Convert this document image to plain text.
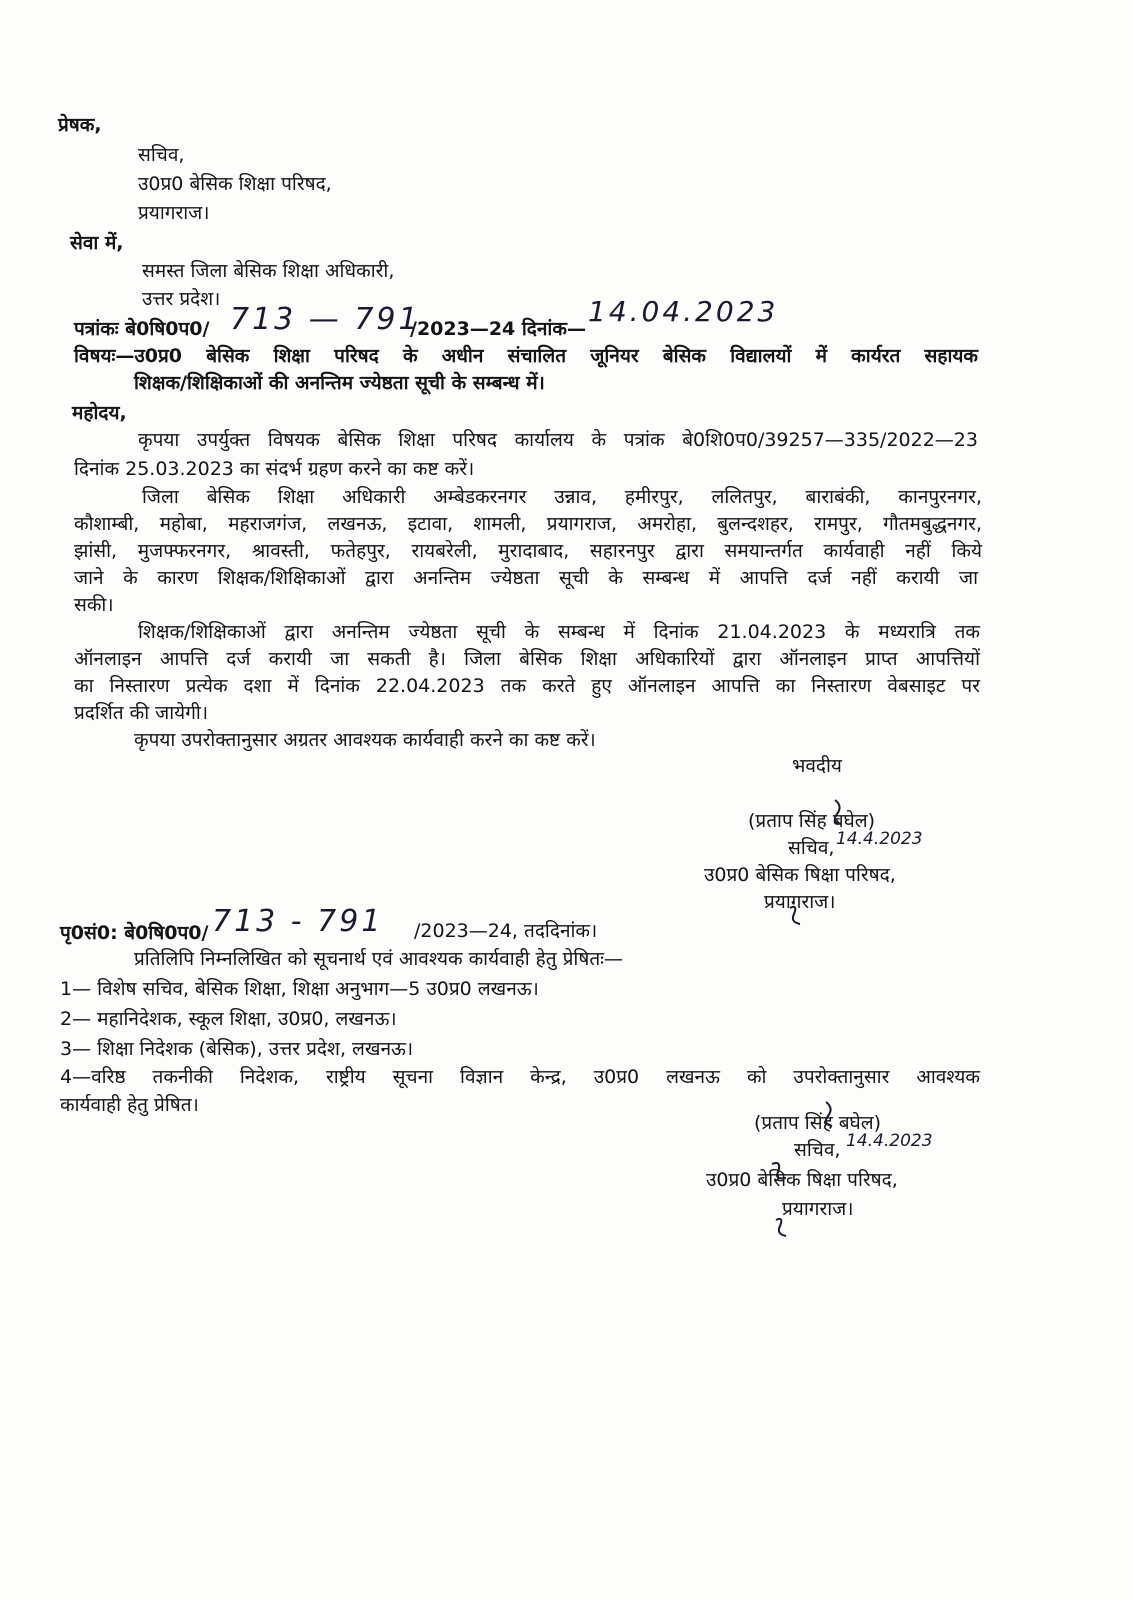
प्रेषक,
सचिव,
उ0प्र0 बेसिक शिक्षा परिषद,
प्रयागराज।
सेवा में,
समस्त जिला बेसिक शिक्षा अधिकारी,
उत्तर प्रदेश।
पत्रांकः बे0षि0प0/ 713 — 791
/2023—24 दिनांक—
14.04.2023
विषयः—उ0प्र0 बेसिक शिक्षा परिषद के अधीन संचालित जूनियर बेसिक विद्यालयों में कार्यरत सहायक
शिक्षक/शिक्षिकाओं की अनन्तिम ज्येष्ठता सूची के सम्बन्ध में।
महोदय,
कृपया उपर्युक्त विषयक बेसिक शिक्षा परिषद कार्यालय के पत्रांक बे0शि0प0/39257—335/2022—23
दिनांक 25.03.2023 का संदर्भ ग्रहण करने का कष्ट करें।
जिला बेसिक शिक्षा अधिकारी अम्बेडकरनगर उन्नाव, हमीरपुर, ललितपुर, बाराबंकी, कानपुरनगर,
कौशाम्बी, महोबा, महराजगंज, लखनऊ, इटावा, शामली, प्रयागराज, अमरोहा, बुलन्दशहर, रामपुर, गौतमबुद्धनगर,
झांसी, मुजफ्फरनगर, श्रावस्ती, फतेहपुर, रायबरेली, मुरादाबाद, सहारनपुर द्वारा समयान्तर्गत कार्यवाही नहीं किये
जाने के कारण शिक्षक/शिक्षिकाओं द्वारा अनन्तिम ज्येष्ठता सूची के सम्बन्ध में आपत्ति दर्ज नहीं करायी जा
सकी।
शिक्षक/शिक्षिकाओं द्वारा अनन्तिम ज्येष्ठता सूची के सम्बन्ध में दिनांक 21.04.2023 के मध्यरात्रि तक
ऑनलाइन आपत्ति दर्ज करायी जा सकती है। जिला बेसिक शिक्षा अधिकारियों द्वारा ऑनलाइन प्राप्त आपत्तियों
का निस्तारण प्रत्येक दशा में दिनांक 22.04.2023 तक करते हुए ऑनलाइन आपत्ति का निस्तारण वेबसाइट पर
प्रदर्शित की जायेगी।
कृपया उपरोक्तानुसार अग्रतर आवश्यक कार्यवाही करने का कष्ट करें।
भवदीय
(प्रताप सिंह बघेल)
सचिव, 14.4.2023
उ0प्र0 बेसिक षिक्षा परिषद,
प्रयागराज।
पृ0सं0: बे0षि0प0/ 713 - 791 /2023—24, तददिनांक।
प्रतिलिपि निम्नलिखित को सूचनार्थ एवं आवश्यक कार्यवाही हेतु प्रेषितः—
1— विशेष सचिव, बेसिक शिक्षा, शिक्षा अनुभाग—5 उ0प्र0 लखनऊ।
2— महानिदेशक, स्कूल शिक्षा, उ0प्र0, लखनऊ।
3— शिक्षा निदेशक (बेसिक), उत्तर प्रदेश, लखनऊ।
4—वरिष्ठ तकनीकी निदेशक, राष्ट्रीय सूचना विज्ञान केन्द्र, उ0प्र0 लखनऊ को उपरोक्तानुसार आवश्यक
कार्यवाही हेतु प्रेषित।
(प्रताप सिंह बघेल)
सचिव, 14.4.2023
उ0प्र0 बेसिक षिक्षा परिषद,
प्रयागराज।
